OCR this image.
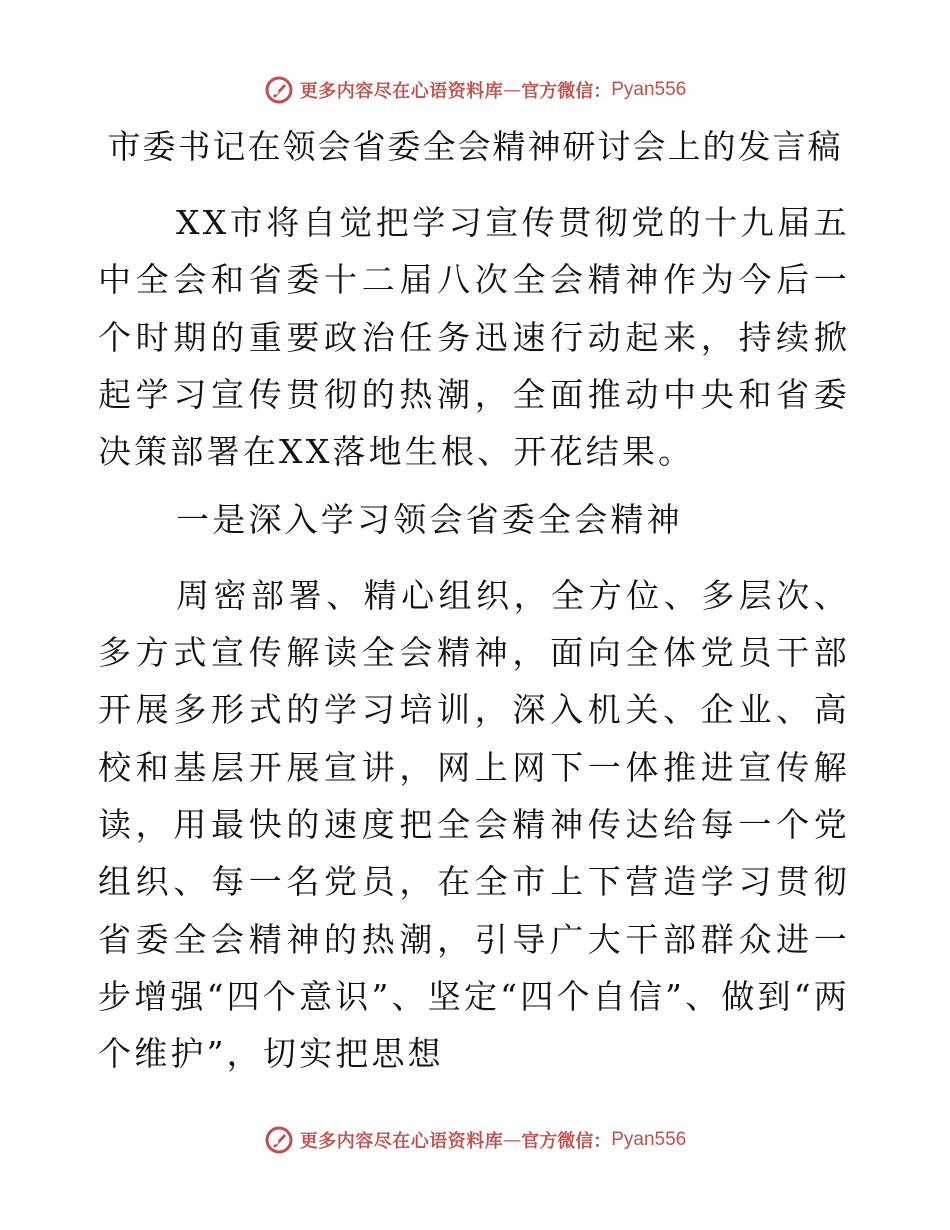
更多内容尽在心语资料库 — 官方微信： Pyan556
市委书记在领会省委全会精神研讨会上的发言稿

XX市将自觉把学习宣传贯彻党的十九届五中全会和省委十二届八次全会精神作为今后一个时期的重要政治任务迅速行动起来，持续掀起学习宣传贯彻的热潮，全面推动中央和省委决策部署在XX落地生根、开花结果。

一是深入学习领会省委全会精神

周密部署、精心组织，全方位、多层次、多方式宣传解读全会精神，面向全体党员干部开展多形式的学习培训，深入机关、企业、高校和基层开展宣讲，网上网下一体推进宣传解读，用最快的速度把全会精神传达给每一个党组织、每一名党员，在全市上下营造学习贯彻省委全会精神的热潮，引导广大干部群众进一步增强“四个意识”、坚定“四个自信”、做到“两个维护”，切实把思想

更多内容尽在心语资料库 — 官方微信： Pyan556
